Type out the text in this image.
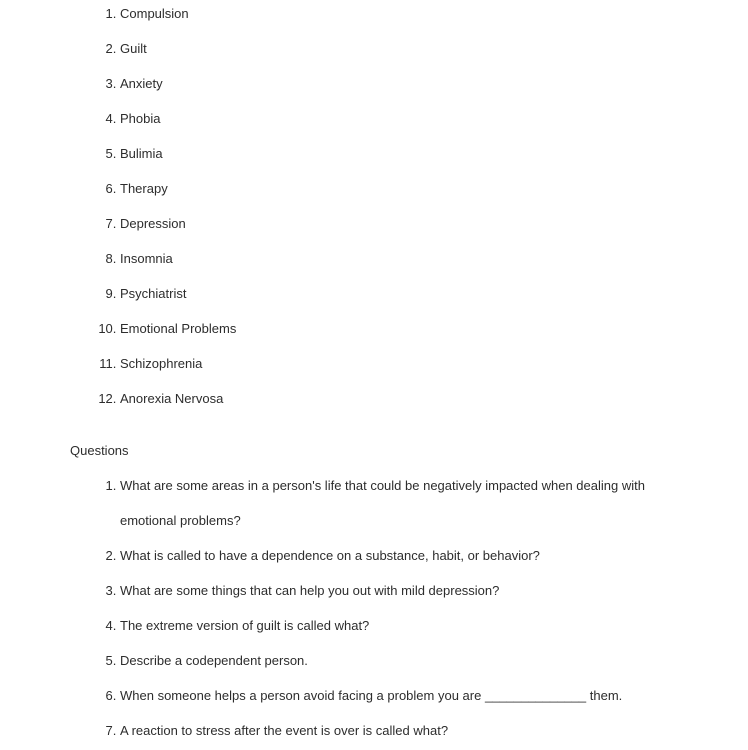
1. Compulsion
2. Guilt
3. Anxiety
4. Phobia
5. Bulimia
6. Therapy
7. Depression
8. Insomnia
9. Psychiatrist
10. Emotional Problems
11. Schizophrenia
12. Anorexia Nervosa
Questions
1. What are some areas in a person's life that could be negatively impacted when dealing with emotional problems?
2. What is called to have a dependence on a substance, habit, or behavior?
3. What are some things that can help you out with mild depression?
4. The extreme version of guilt is called what?
5. Describe a codependent person.
6. When someone helps a person avoid facing a problem you are ______________ them.
7. A reaction to stress after the event is over is called what?
